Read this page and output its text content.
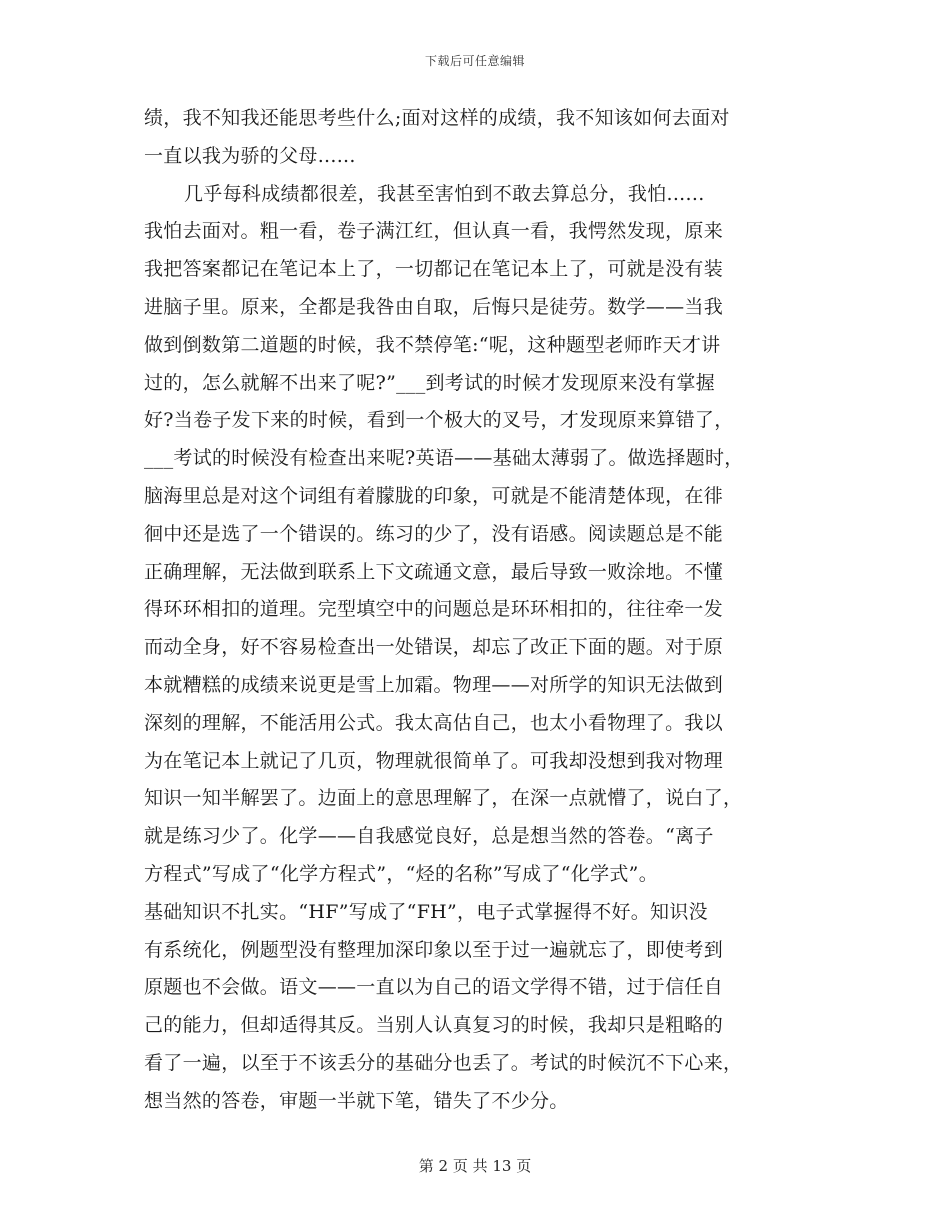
下载后可任意编辑
绩，我不知我还能思考些什么;面对这样的成绩，我不知该如何去面对
一直以我为骄的父母......
几乎每科成绩都很差，我甚至害怕到不敢去算总分，我怕......
我怕去面对。粗一看，卷子满江红，但认真一看，我愕然发现，原来
我把答案都记在笔记本上了，一切都记在笔记本上了，可就是没有装
进脑子里。原来，全都是我咎由自取，后悔只是徒劳。数学——当我
做到倒数第二道题的时候，我不禁停笔:“呢，这种题型老师昨天才讲
过的，怎么就解不出来了呢?”___到考试的时候才发现原来没有掌握
好?当卷子发下来的时候，看到一个极大的叉号，才发现原来算错了，
___考试的时候没有检查出来呢?英语——基础太薄弱了。做选择题时，
脑海里总是对这个词组有着朦胧的印象，可就是不能清楚体现，在徘
徊中还是选了一个错误的。练习的少了，没有语感。阅读题总是不能
正确理解，无法做到联系上下文疏通文意，最后导致一败涂地。不懂
得环环相扣的道理。完型填空中的问题总是环环相扣的，往往牵一发
而动全身，好不容易检查出一处错误，却忘了改正下面的题。对于原
本就糟糕的成绩来说更是雪上加霜。物理——对所学的知识无法做到
深刻的理解，不能活用公式。我太高估自己，也太小看物理了。我以
为在笔记本上就记了几页，物理就很简单了。可我却没想到我对物理
知识一知半解罢了。边面上的意思理解了，在深一点就懵了，说白了，
就是练习少了。化学——自我感觉良好，总是想当然的答卷。“离子
方程式”写成了“化学方程式”，“烃的名称”写成了“化学式”。
基础知识不扎实。“HF”写成了“FH”，电子式掌握得不好。知识没
有系统化，例题型没有整理加深印象以至于过一遍就忘了，即使考到
原题也不会做。语文——一直以为自己的语文学得不错，过于信任自
己的能力，但却适得其反。当别人认真复习的时候，我却只是粗略的
看了一遍，以至于不该丢分的基础分也丢了。考试的时候沉不下心来，
想当然的答卷，审题一半就下笔，错失了不少分。
第 2 页 共 13 页
